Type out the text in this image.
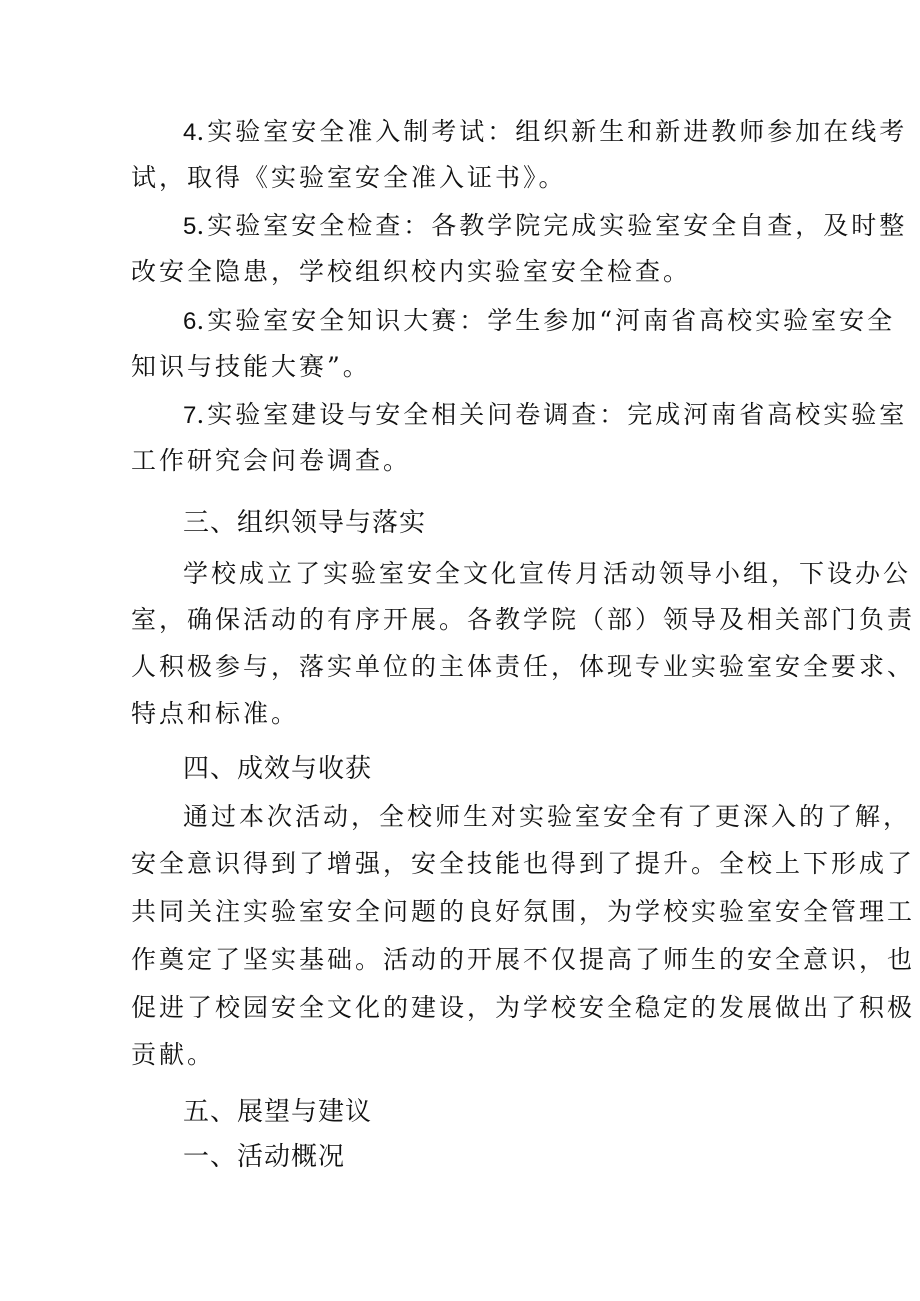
4.实验室安全准入制考试：组织新生和新进教师参加在线考
试，取得《实验室安全准入证书》。
5.实验室安全检查：各教学院完成实验室安全自查，及时整
改安全隐患，学校组织校内实验室安全检查。
6.实验室安全知识大赛：学生参加“河南省高校实验室安全
知识与技能大赛”。
7.实验室建设与安全相关问卷调查：完成河南省高校实验室
工作研究会问卷调查。
三、组织领导与落实
学校成立了实验室安全文化宣传月活动领导小组，下设办公
室，确保活动的有序开展。各教学院（部）领导及相关部门负责
人积极参与，落实单位的主体责任，体现专业实验室安全要求、
特点和标准。
四、成效与收获
通过本次活动，全校师生对实验室安全有了更深入的了解，
安全意识得到了增强，安全技能也得到了提升。全校上下形成了
共同关注实验室安全问题的良好氛围，为学校实验室安全管理工
作奠定了坚实基础。活动的开展不仅提高了师生的安全意识，也
促进了校园安全文化的建设，为学校安全稳定的发展做出了积极
贡献。
五、展望与建议
一、活动概况
